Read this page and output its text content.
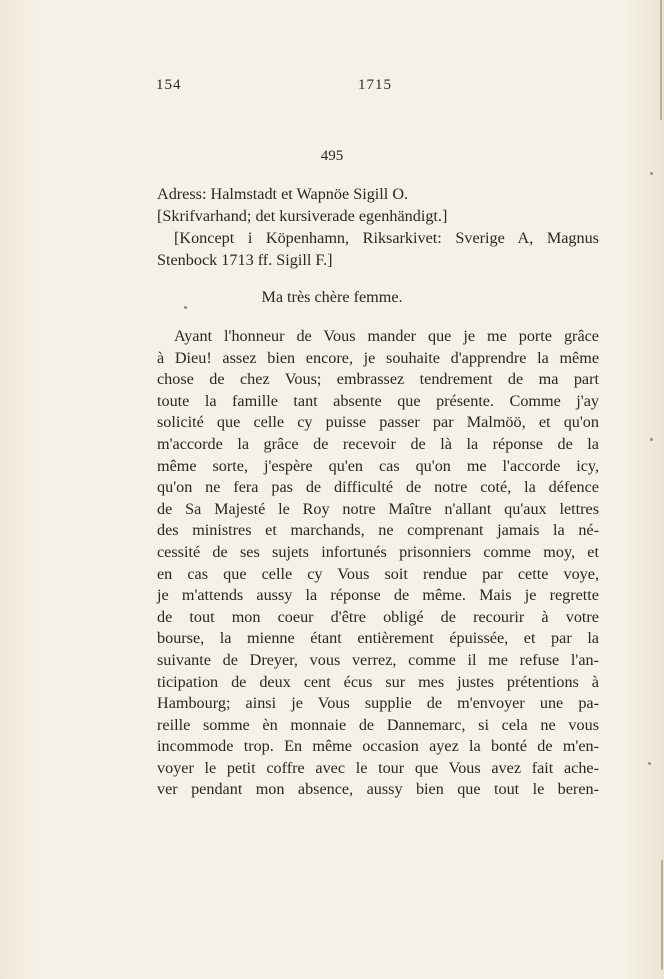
154	1715
495
Adress: Halmstadt et Wapnöe Sigill O.
[Skrifvarhand; det kursiverade egenhändigt.]
[Koncept i Köpenhamn, Riksarkivet: Sverige A, Magnus
Stenbock 1713 ff. Sigill F.]
Ma très chère femme.
Ayant l'honneur de Vous mander que je me porte grâce
à Dieu! assez bien encore, je souhaite d'apprendre la même
chose de chez Vous; embrassez tendrement de ma part
toute la famille tant absente que présente. Comme j'ay
solicité que celle cy puisse passer par Malmöö, et qu'on
m'accorde la grâce de recevoir de là la réponse de la
même sorte, j'espère qu'en cas qu'on me l'accorde icy,
qu'on ne fera pas de difficulté de notre coté, la défence
de Sa Majesté le Roy notre Maître n'allant qu'aux lettres
des ministres et marchands, ne comprenant jamais la né-
cessité de ses sujets infortunés prisonniers comme moy, et
en cas que celle cy Vous soit rendue par cette voye,
je m'attends aussy la réponse de même. Mais je regrette
de tout mon coeur d'être obligé de recourir à votre
bourse, la mienne étant entièrement épuissée, et par la
suivante de Dreyer, vous verrez, comme il me refuse l'an-
ticipation de deux cent écus sur mes justes prétentions à
Hambourg; ainsi je Vous supplie de m'envoyer une pa-
reille somme èn monnaie de Dannemarc, si cela ne vous
incommode trop. En même occasion ayez la bonté de m'en-
voyer le petit coffre avec le tour que Vous avez fait ache-
ver pendant mon absence, aussy bien que tout le beren-
